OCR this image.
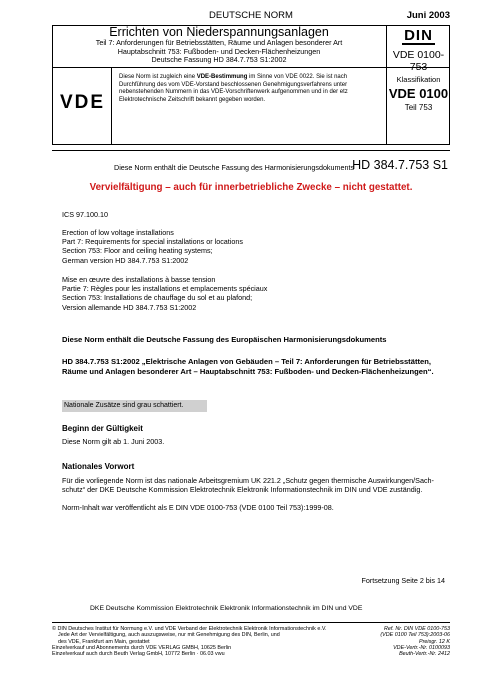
DEUTSCHE NORM	Juni 2003
Errichten von Niederspannungsanlagen
Teil 7: Anforderungen für Betriebsstätten, Räume und Anlagen besonderer Art
Hauptabschnitt 753: Fußboden- und Decken-Flächenheizungen
Deutsche Fassung HD 384.7.753 S1:2002
DIN
VDE 0100-753
VDE
Diese Norm ist zugleich eine VDE-Bestimmung im Sinne von VDE 0022. Sie ist nach Durchführung des vom VDE-Vorstand beschlossenen Genehmigungsverfahrens unter nebenstehenden Nummern in das VDE-Vorschriftenwerk aufgenommen und in der etz Elektrotechnische Zeitschrift bekannt gegeben worden.
Klassifikation
VDE 0100
Teil 753
Diese Norm enthält die Deutsche Fassung des Harmonisierungsdokuments
HD 384.7.753 S1
Vervielfältigung – auch für innerbetriebliche Zwecke – nicht gestattet.
ICS 97.100.10
Erection of low voltage installations
Part 7: Requirements for special installations or locations
Section 753: Floor and ceiling heating systems;
German version HD 384.7.753 S1:2002
Mise en œuvre des installations à basse tension
Partie 7: Règles pour les installations et emplacements spéciaux
Section 753: Installations de chauffage du sol et au plafond;
Version allemande HD 384.7.753 S1:2002
Diese Norm enthält die Deutsche Fassung des Europäischen Harmonisierungsdokuments
HD 384.7.753 S1:2002 „Elektrische Anlagen von Gebäuden – Teil 7: Anforderungen für Betriebsstätten,
Räume und Anlagen besonderer Art – Hauptabschnitt 753: Fußboden- und Decken-Flächenheizungen“.
Nationale Zusätze sind grau schattiert.
Beginn der Gültigkeit
Diese Norm gilt ab 1. Juni 2003.
Nationales Vorwort
Für die vorliegende Norm ist das nationale Arbeitsgremium UK 221.2 „Schutz gegen thermische Auswirkungen/Sach-
schutz“ der DKE Deutsche Kommission Elektrotechnik Elektronik Informationstechnik im DIN und VDE zuständig.
Norm-Inhalt war veröffentlicht als E DIN VDE 0100-753 (VDE 0100 Teil 753):1999-08.
Fortsetzung Seite 2 bis 14
DKE Deutsche Kommission Elektrotechnik Elektronik Informationstechnik im DIN und VDE
© DIN Deutsches Institut für Normung e.V. und VDE Verband der Elektrotechnik Elektronik Informationstechnik e.V.
Jede Art der Vervielfältigung, auch auszugsweise, nur mit Genehmigung des DIN, Berlin, und
des VDE, Frankfurt am Main, gestattet
Einzelverkauf und Abonnements durch VDE VERLAG GMBH, 10625 Berlin
Einzelverkauf auch durch Beuth Verlag GmbH, 10772 Berlin · 06.03 vwu
Ref. Nr. DIN VDE 0100-753
(VDE 0100 Teil 753):2003-06
Preisgr. 12 K
VDE-Vertr.-Nr. 0100093
Beuth-Vertr.-Nr. 2412
